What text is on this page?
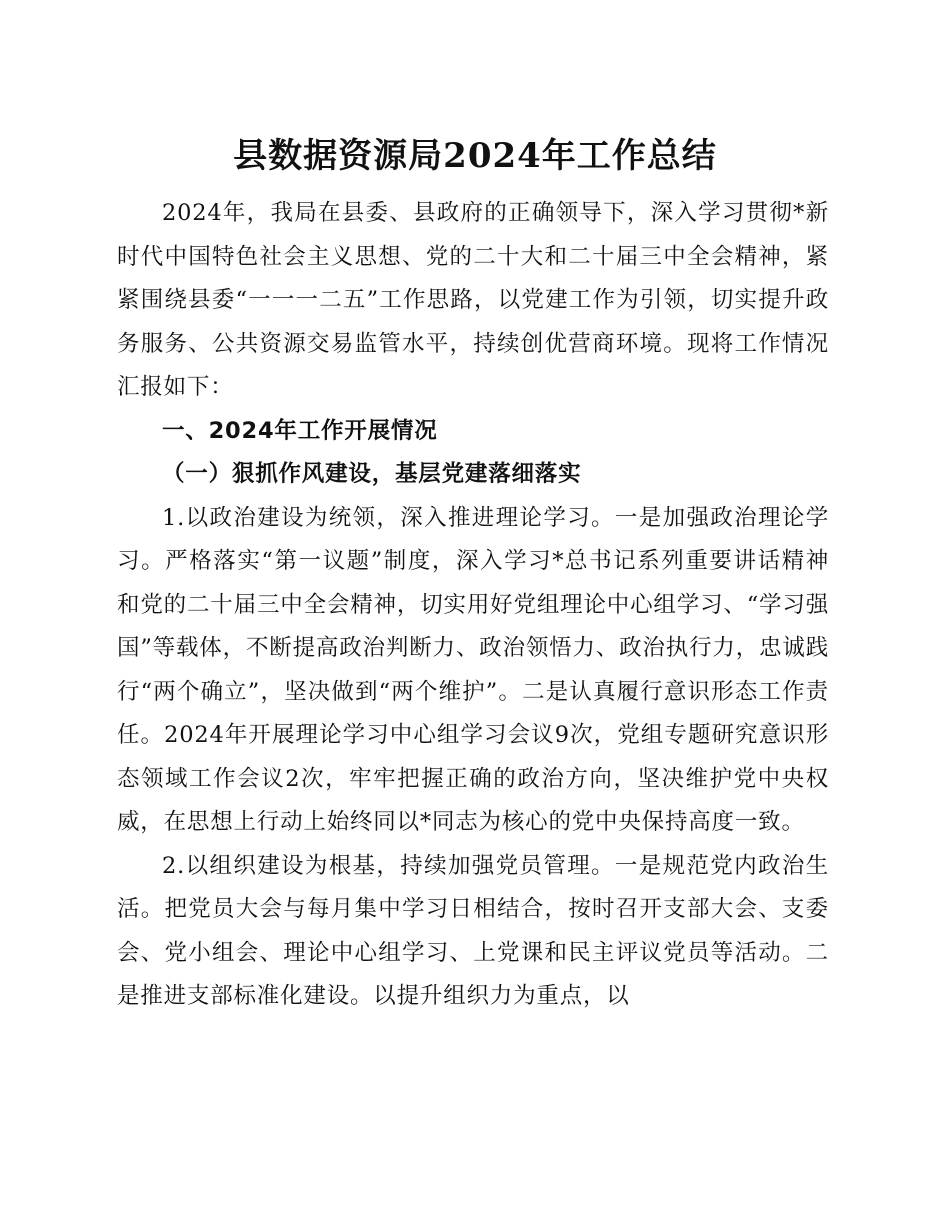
县数据资源局2024年工作总结

2024年，我局在县委、县政府的正确领导下，深入学习贯彻*新时代中国特色社会主义思想、党的二十大和二十届三中全会精神，紧紧围绕县委“一一一二五”工作思路，以党建工作为引领，切实提升政务服务、公共资源交易监管水平，持续创优营商环境。现将工作情况汇报如下：

一、2024年工作开展情况

（一）狠抓作风建设，基层党建落细落实

1.以政治建设为统领，深入推进理论学习。一是加强政治理论学习。严格落实“第一议题”制度，深入学习*总书记系列重要讲话精神和党的二十届三中全会精神，切实用好党组理论中心组学习、“学习强国”等载体，不断提高政治判断力、政治领悟力、政治执行力，忠诚践行“两个确立”，坚决做到“两个维护”。二是认真履行意识形态工作责任。2024年开展理论学习中心组学习会议9次，党组专题研究意识形态领域工作会议2次，牢牢把握正确的政治方向，坚决维护党中央权威，在思想上行动上始终同以*同志为核心的党中央保持高度一致。

2.以组织建设为根基，持续加强党员管理。一是规范党内政治生活。把党员大会与每月集中学习日相结合，按时召开支部大会、支委会、党小组会、理论中心组学习、上党课和民主评议党员等活动。二是推进支部标准化建设。以提升组织力为重点，以
